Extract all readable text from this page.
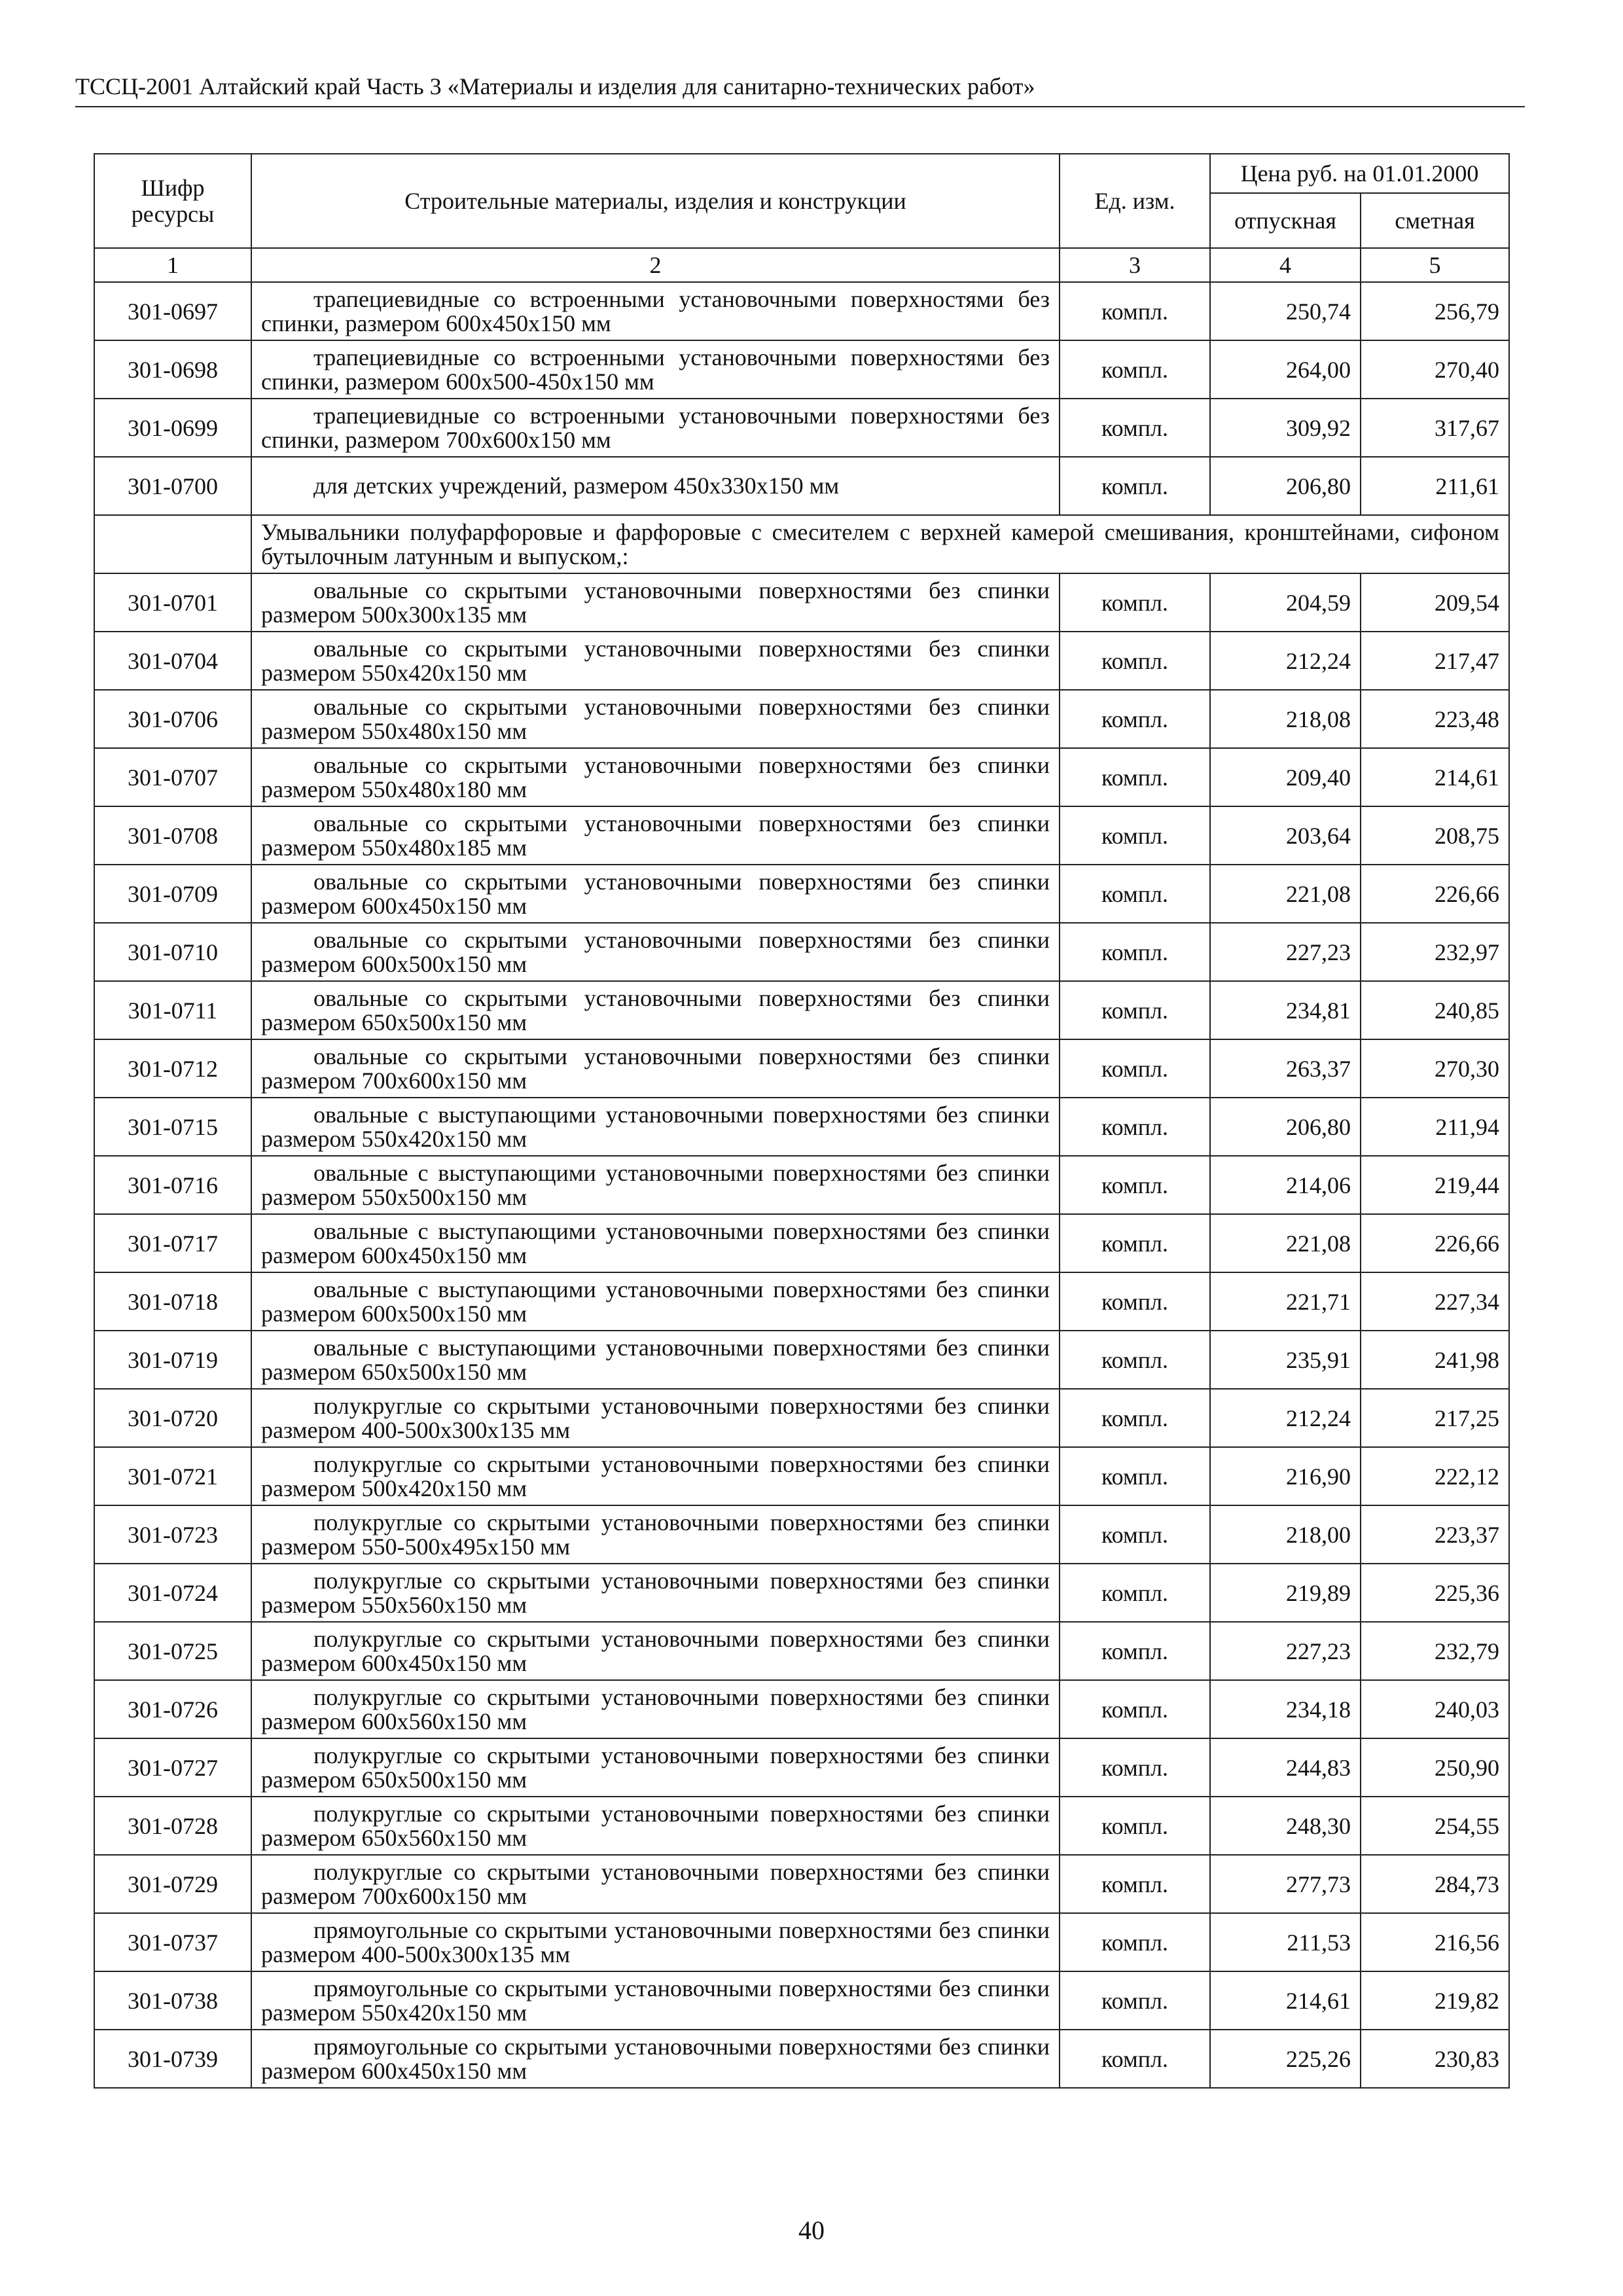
ТССЦ-2001 Алтайский край Часть 3 «Материалы и изделия для санитарно-технических работ»
Шифр ресурсы	Строительные материалы, изделия и конструкции	Ед. изм.	Цена руб. на 01.01.2000	
			отпускная	сметная
1	2	3	4	5
301-0697	трапециевидные со встроенными установочными поверхностями без спинки, размером 600х450х150 мм	компл.	250,74	256,79
301-0698	трапециевидные со встроенными установочными поверхностями без спинки, размером 600х500-450х150 мм	компл.	264,00	270,40
301-0699	трапециевидные со встроенными установочными поверхностями без спинки, размером 700х600х150 мм	компл.	309,92	317,67
301-0700	для детских учреждений, размером 450х330х150 мм	компл.	206,80	211,61
	Умывальники полуфарфоровые и фарфоровые с смесителем с верхней камерой смешивания, кронштейнами, сифоном бутылочным латунным и выпуском,:			
301-0701	овальные со скрытыми установочными поверхностями без спинки размером 500х300х135 мм	компл.	204,59	209,54
301-0704	овальные со скрытыми установочными поверхностями без спинки размером 550х420х150 мм	компл.	212,24	217,47
301-0706	овальные со скрытыми установочными поверхностями без спинки размером 550х480х150 мм	компл.	218,08	223,48
301-0707	овальные со скрытыми установочными поверхностями без спинки размером 550х480х180 мм	компл.	209,40	214,61
301-0708	овальные со скрытыми установочными поверхностями без спинки размером 550х480х185 мм	компл.	203,64	208,75
301-0709	овальные со скрытыми установочными поверхностями без спинки размером 600х450х150 мм	компл.	221,08	226,66
301-0710	овальные со скрытыми установочными поверхностями без спинки размером 600х500х150 мм	компл.	227,23	232,97
301-0711	овальные со скрытыми установочными поверхностями без спинки размером 650х500х150 мм	компл.	234,81	240,85
301-0712	овальные со скрытыми установочными поверхностями без спинки размером 700х600х150 мм	компл.	263,37	270,30
301-0715	овальные с выступающими установочными поверхностями без спинки размером 550х420х150 мм	компл.	206,80	211,94
301-0716	овальные с выступающими установочными поверхностями без спинки размером 550х500х150 мм	компл.	214,06	219,44
301-0717	овальные с выступающими установочными поверхностями без спинки размером 600х450х150 мм	компл.	221,08	226,66
301-0718	овальные с выступающими установочными поверхностями без спинки размером 600х500х150 мм	компл.	221,71	227,34
301-0719	овальные с выступающими установочными поверхностями без спинки размером 650х500х150 мм	компл.	235,91	241,98
301-0720	полукруглые со скрытыми установочными поверхностями без спинки размером 400-500х300х135 мм	компл.	212,24	217,25
301-0721	полукруглые со скрытыми установочными поверхностями без спинки размером 500х420х150 мм	компл.	216,90	222,12
301-0723	полукруглые со скрытыми установочными поверхностями без спинки размером 550-500х495х150 мм	компл.	218,00	223,37
301-0724	полукруглые со скрытыми установочными поверхностями без спинки размером 550х560х150 мм	компл.	219,89	225,36
301-0725	полукруглые со скрытыми установочными поверхностями без спинки размером 600х450х150 мм	компл.	227,23	232,79
301-0726	полукруглые со скрытыми установочными поверхностями без спинки размером 600х560х150 мм	компл.	234,18	240,03
301-0727	полукруглые со скрытыми установочными поверхностями без спинки размером 650х500х150 мм	компл.	244,83	250,90
301-0728	полукруглые со скрытыми установочными поверхностями без спинки размером 650х560х150 мм	компл.	248,30	254,55
301-0729	полукруглые со скрытыми установочными поверхностями без спинки размером 700х600х150 мм	компл.	277,73	284,73
301-0737	прямоугольные со скрытыми установочными поверхностями без спинки размером 400-500х300х135 мм	компл.	211,53	216,56
301-0738	прямоугольные со скрытыми установочными поверхностями без спинки размером 550х420х150 мм	компл.	214,61	219,82
301-0739	прямоугольные со скрытыми установочными поверхностями без спинки размером 600х450х150 мм	компл.	225,26	230,83
40
